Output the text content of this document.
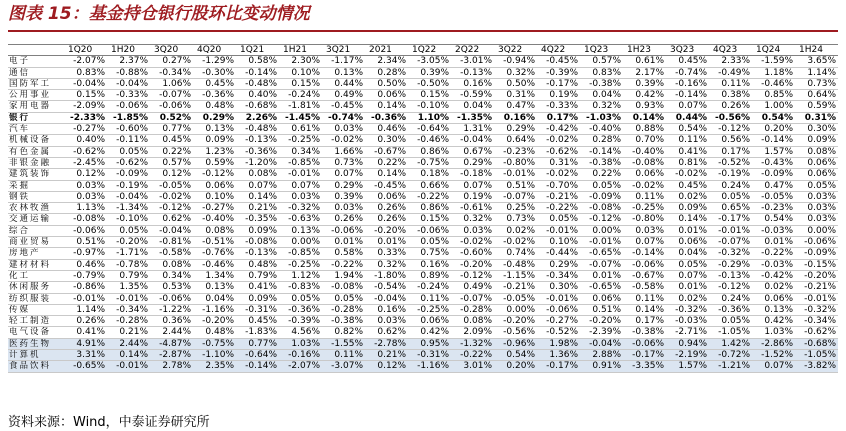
图表 15：基金持仓银行股环比变动情况
	1Q20	1H20	3Q20	4Q20	1Q21	1H21	3Q21	2021	1Q22	2Q22	3Q22	4Q22	1Q23	1H23	3Q23	4Q23	1Q24	1H24
电子	-2.07%	2.37%	0.27%	-1.29%	0.58%	2.30%	-1.17%	2.34%	-3.05%	-3.01%	-0.94%	-0.45%	0.57%	0.61%	0.45%	2.33%	-1.59%	3.65%
通信	0.83%	-0.88%	-0.34%	-0.30%	-0.14%	0.10%	0.13%	0.28%	0.39%	-0.13%	0.32%	-0.39%	0.83%	2.17%	-0.74%	-0.49%	1.18%	1.14%
国防军工	-0.04%	-0.04%	1.06%	0.45%	-0.48%	0.15%	0.44%	0.50%	-0.50%	0.16%	0.50%	-0.17%	-0.38%	0.39%	-0.16%	0.11%	-0.46%	0.73%
公用事业	0.15%	-0.33%	-0.07%	-0.36%	0.40%	-0.24%	0.49%	0.06%	0.15%	-0.59%	0.31%	0.19%	0.04%	0.42%	-0.14%	0.38%	0.85%	0.64%
家用电器	-2.09%	-0.06%	-0.06%	0.48%	-0.68%	-1.81%	-0.45%	0.14%	-0.10%	0.04%	0.47%	-0.33%	0.32%	0.93%	0.07%	0.26%	1.00%	0.59%
银行	-2.33%	-1.85%	0.52%	0.29%	2.26%	-1.45%	-0.74%	-0.36%	1.10%	-1.35%	0.16%	0.17%	-1.03%	0.14%	0.44%	-0.56%	0.54%	0.31%
汽车	-0.27%	-0.60%	0.77%	0.13%	-0.48%	0.61%	0.03%	0.46%	-0.64%	1.31%	0.29%	-0.42%	-0.40%	0.88%	0.54%	-0.12%	0.20%	0.30%
机械设备	0.40%	-0.11%	0.45%	0.09%	-0.13%	-0.25%	-0.02%	0.30%	-0.46%	-0.04%	0.64%	-0.02%	0.28%	0.70%	0.11%	0.56%	-0.14%	0.09%
有色金属	-0.62%	0.05%	0.22%	1.23%	-0.36%	0.34%	1.66%	-0.67%	0.86%	0.67%	-0.23%	-0.62%	-0.14%	-0.40%	0.41%	0.17%	1.57%	0.08%
非银金融	-2.45%	-0.62%	0.57%	0.59%	-1.20%	-0.85%	0.73%	0.22%	-0.75%	0.29%	-0.80%	0.31%	-0.38%	-0.08%	0.81%	-0.52%	-0.43%	0.06%
建筑装饰	0.12%	-0.09%	0.12%	-0.12%	0.08%	-0.01%	0.07%	0.14%	0.18%	-0.18%	-0.01%	-0.02%	0.22%	0.06%	-0.02%	-0.19%	-0.09%	0.06%
采掘	0.03%	-0.19%	-0.05%	0.06%	0.07%	0.07%	0.29%	-0.45%	0.66%	0.07%	0.51%	-0.70%	0.05%	-0.02%	0.45%	0.24%	0.47%	0.05%
钢铁	0.03%	-0.04%	-0.02%	0.10%	0.14%	0.03%	0.39%	0.06%	-0.22%	0.19%	-0.07%	-0.21%	-0.09%	0.11%	0.02%	0.05%	-0.05%	0.03%
农林牧渔	1.13%	-1.34%	-0.12%	-0.27%	0.21%	-0.32%	0.03%	0.26%	0.86%	-0.61%	0.25%	-0.22%	-0.08%	-0.25%	0.09%	0.65%	-0.23%	0.03%
交通运输	-0.08%	-0.10%	0.62%	-0.40%	-0.35%	-0.63%	0.26%	0.26%	0.15%	0.32%	0.73%	0.05%	-0.12%	-0.80%	0.14%	-0.17%	0.54%	0.03%
综合	-0.06%	0.05%	-0.04%	0.08%	0.09%	0.13%	-0.06%	-0.20%	-0.06%	0.03%	0.02%	-0.01%	0.00%	0.03%	0.01%	-0.01%	-0.03%	0.00%
商业贸易	0.51%	-0.20%	-0.81%	-0.51%	-0.08%	0.00%	0.01%	0.01%	0.05%	-0.02%	-0.02%	0.10%	-0.01%	0.07%	0.06%	-0.07%	0.01%	-0.06%
房地产	-0.97%	-1.71%	-0.58%	-0.76%	-0.13%	-0.85%	0.58%	0.33%	0.75%	-0.60%	0.74%	-0.44%	-0.65%	-0.14%	0.04%	-0.32%	-0.22%	-0.09%
建材材料	0.46%	-0.78%	0.08%	-0.46%	0.48%	-0.25%	-0.22%	0.32%	0.16%	-0.20%	-0.48%	0.29%	-0.07%	-0.06%	0.05%	-0.29%	-0.03%	-0.15%
化工	-0.79%	0.79%	0.34%	1.34%	0.79%	1.12%	1.94%	-1.80%	0.89%	-0.12%	-1.15%	-0.34%	0.01%	-0.67%	0.07%	-0.13%	-0.42%	-0.20%
休闲服务	-0.86%	1.35%	0.53%	0.13%	0.41%	-0.83%	-0.08%	-0.54%	-0.24%	0.49%	-0.21%	0.30%	-0.65%	-0.58%	0.01%	-0.12%	0.02%	-0.21%
纺织服装	-0.01%	-0.01%	-0.06%	0.04%	0.09%	0.05%	0.05%	-0.04%	0.11%	-0.07%	-0.05%	-0.01%	0.06%	0.11%	0.02%	0.24%	0.06%	-0.01%
传媒	1.14%	-0.34%	-1.22%	-1.16%	-0.31%	-0.36%	-0.28%	0.16%	-0.25%	-0.28%	0.00%	-0.06%	0.51%	0.14%	-0.32%	-0.36%	0.13%	-0.32%
轻工制造	0.26%	-0.28%	0.36%	-0.20%	0.45%	-0.39%	-0.38%	0.03%	0.06%	0.08%	-0.20%	-0.27%	-0.20%	0.17%	-0.03%	0.05%	0.42%	-0.34%
电气设备	0.41%	0.21%	2.44%	0.48%	-1.83%	4.56%	0.82%	0.62%	0.42%	2.09%	-0.56%	-0.52%	-2.39%	-0.38%	-2.71%	-1.05%	1.03%	-0.62%
医药生物	4.91%	2.44%	-4.87%	-0.75%	0.77%	1.03%	-1.55%	-2.78%	0.95%	-1.32%	-0.96%	1.98%	-0.04%	-0.06%	0.94%	1.42%	-2.86%	-0.68%
计算机	3.31%	0.14%	-2.87%	-1.10%	-0.64%	-0.16%	0.11%	0.21%	-0.31%	-0.22%	0.54%	1.36%	2.88%	-0.17%	-2.19%	-0.72%	-1.52%	-1.05%
食品饮料	-0.65%	-0.01%	2.78%	2.35%	-0.14%	-2.07%	-3.07%	0.12%	-1.16%	3.01%	0.20%	-0.17%	0.91%	-3.35%	1.57%	-1.21%	0.07%	-3.82%
资料来源：Wind，中泰证券研究所
